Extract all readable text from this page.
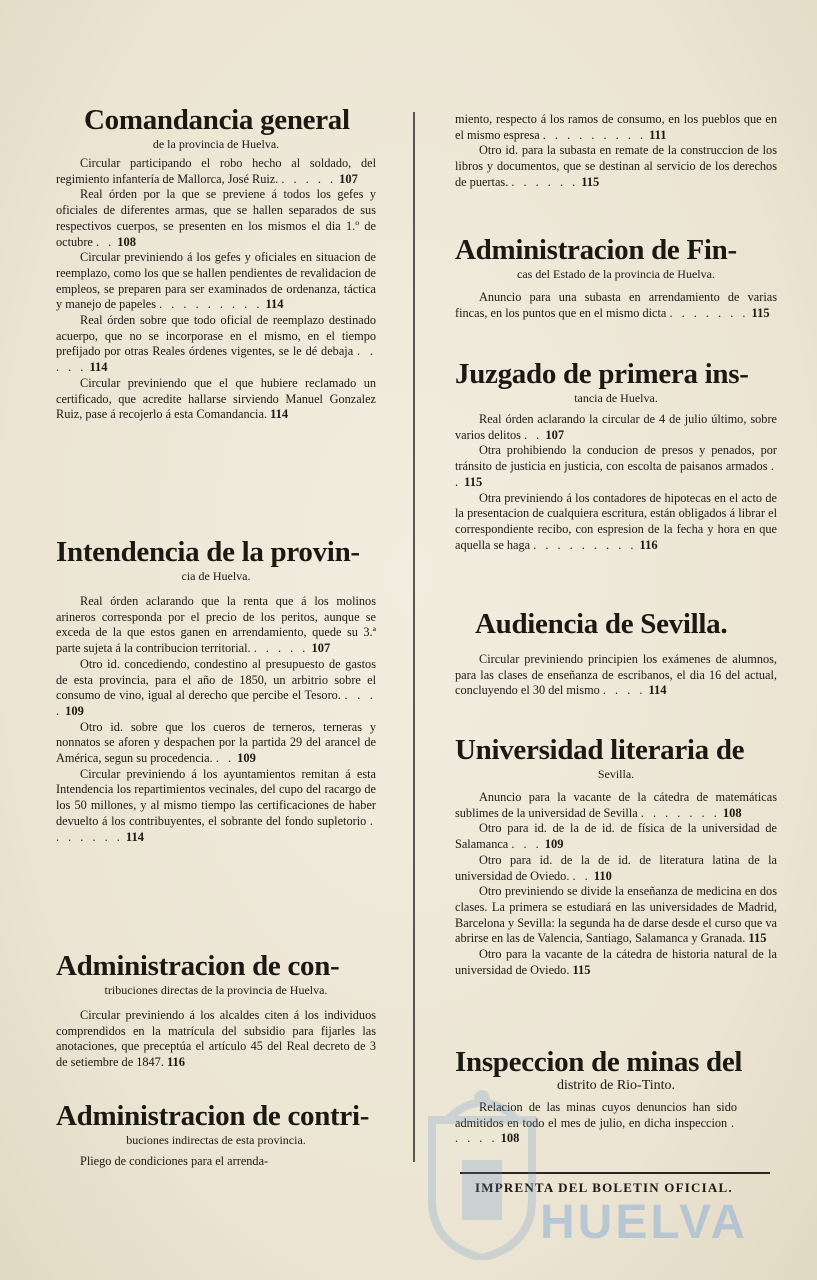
Comandancia general
de la provincia de Huelva.

Circular participando el robo hecho al soldado, del regimiento infantería de Mallorca, José Ruiz. . . . . . 107

Real órden por la que se previene á todos los gefes y oficiales de diferentes armas, que se hallen separados de sus respectivos cuerpos, se presenten en los mismos el dia 1.º de octubre . . 108

Circular previniendo á los gefes y oficiales en situacion de reemplazo, como los que se hallen pendientes de revalidacion de empleos, se preparen para ser examinados de ordenanza, táctica y manejo de papeles . . . . . . . . . 114

Real órden sobre que todo oficial de reemplazo destinado acuerpo, que no se incorporase en el mismo, en el tiempo prefijado por otras Reales órdenes vigentes, se le dé debaja . . . . . 114

Circular previniendo que el que hubiere reclamado un certificado, que acredite hallarse sirviendo Manuel Gonzalez Ruiz, pase á recojerlo á esta Comandancia. 114

Intendencia de la provin-
cia de Huelva.

Real órden aclarando que la renta que á los molinos arineros corresponda por el precio de los peritos, aunque se exceda de la que estos ganen en arrendamiento, quede su 3.ª parte sujeta á la contribucion territorial. . . . . . 107

Otro id. concediendo, condestino al presupuesto de gastos de esta provincia, para el año de 1850, un arbitrio sobre el consumo de vino, igual al derecho que percibe el Tesoro. . . . . 109

Otro id. sobre que los cueros de terneros, terneras y nonnatos se aforen y despachen por la partida 29 del arancel de América, segun su procedencia. . . 109

Circular previniendo á los ayuntamientos remitan á esta Intendencia los repartimientos vecinales, del cupo del racargo de los 50 millones, y al mismo tiempo las certificaciones de haber devuelto á los contribuyentes, el sobrante del fondo supletorio . . . . . . . 114

Administracion de con-
tribuciones directas de la provincia de Huelva.

Circular previniendo á los alcaldes citen á los individuos comprendidos en la matrícula del subsidio para fijarles las anotaciones, que preceptúa el artículo 45 del Real decreto de 3 de setiembre de 1847. 116

Administracion de contri-
buciones indirectas de esta provincia.

Pliego de condiciones para el arrenda-

miento, respecto á los ramos de consumo, en los pueblos que en el mismo espresa . . . . . . . . . 111

Otro id. para la subasta en remate de la construccion de los libros y documentos, que se destinan al servicio de los derechos de puertas. . . . . . . 115

Administracion de Fin-
cas del Estado de la provincia de Huelva.

Anuncio para una subasta en arrendamiento de varias fincas, en los puntos que en el mismo dicta . . . . . . . 115

Juzgado de primera ins-
tancia de Huelva.

Real órden aclarando la circular de 4 de julio último, sobre varios delitos . . 107

Otra prohibiendo la conducion de presos y penados, por tránsito de justicia en justicia, con escolta de paisanos armados . . 115

Otra previniendo á los contadores de hipotecas en el acto de la presentacion de cualquiera escritura, están obligados á librar el correspondiente recibo, con espresion de la fecha y hora en que aquella se haga . . . . . . . . . 116

Audiencia de Sevilla.

Circular previniendo principien los exámenes de alumnos, para las clases de enseñanza de escribanos, el dia 16 del actual, concluyendo el 30 del mismo . . . . 114

Universidad literaria de
Sevilla.

Anuncio para la vacante de la cátedra de matemáticas sublimes de la universidad de Sevilla . . . . . . . 108

Otro para id. de la de id. de física de la universidad de Salamanca . . . 109

Otro para id. de la de id. de literatura latina de la universidad de Oviedo. . . 110

Otro previniendo se divide la enseñanza de medicina en dos clases. La primera se estudiará en las universidades de Madrid, Barcelona y Sevilla: la segunda ha de darse desde el curso que va abrirse en las de Valencia, Santiago, Salamanca y Granada. 115

Otro para la vacante de la cátedra de historia natural de la universidad de Oviedo. 115

Inspeccion de minas del
distrito de Rio-Tinto.

Relacion de las minas cuyos denuncios han sido admitidos en todo el mes de julio, en dicha inspeccion . . . . . 108

IMPRENTA DEL BOLETIN OFICIAL.
HUELVA
